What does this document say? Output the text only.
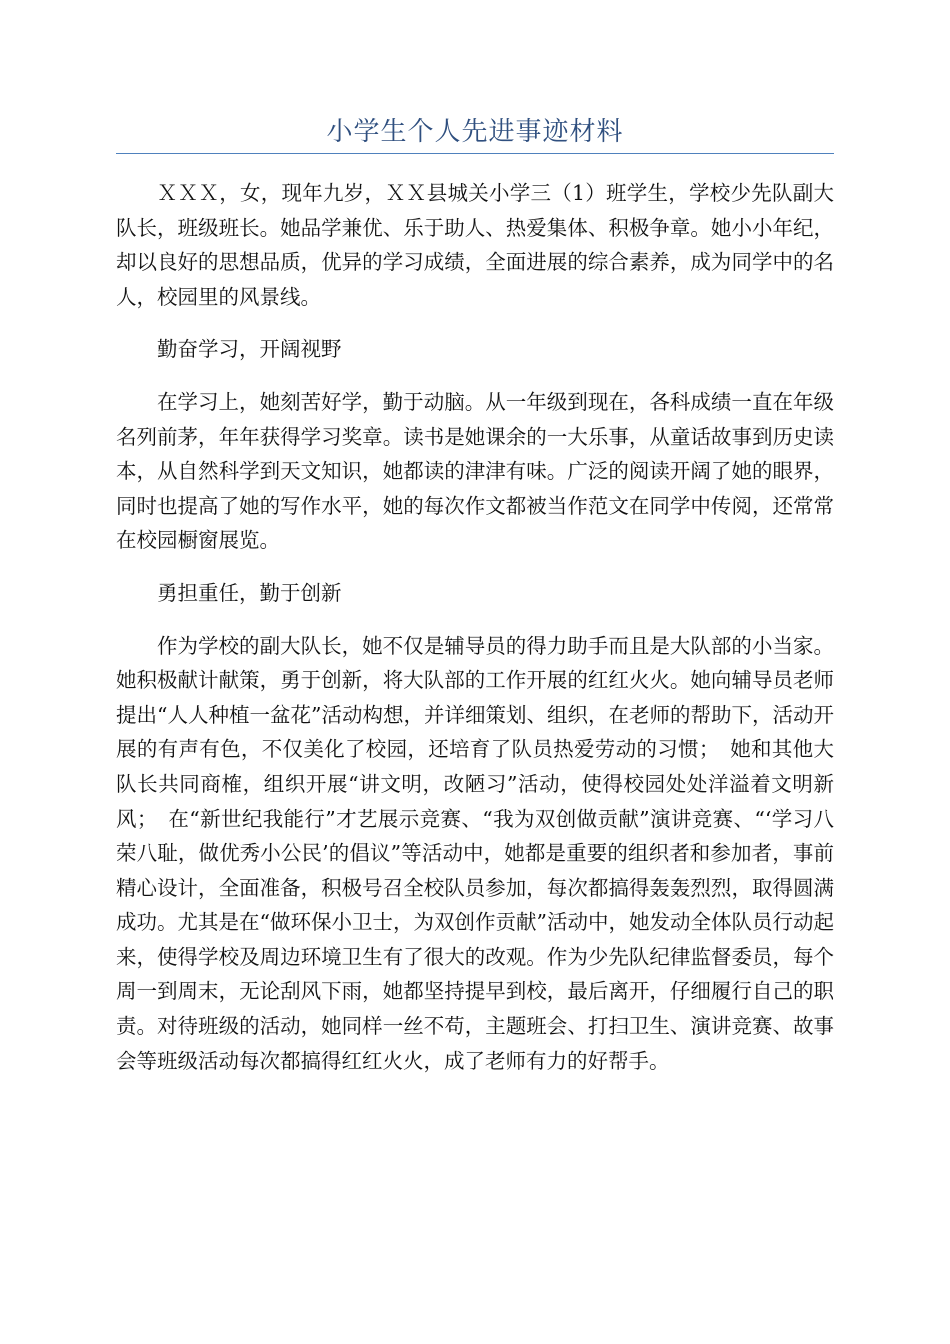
小学生个人先进事迹材料

ＸＸＸ，女，现年九岁，ＸＸ县城关小学三（1）班学生，学校少先队副大队长，班级班长。她品学兼优、乐于助人、热爱集体、积极争章。她小小年纪，却以良好的思想品质，优异的学习成绩，全面进展的综合素养，成为同学中的名人，校园里的风景线。

勤奋学习，开阔视野

在学习上，她刻苦好学，勤于动脑。从一年级到现在，各科成绩一直在年级名列前茅，年年获得学习奖章。读书是她课余的一大乐事，从童话故事到历史读本，从自然科学到天文知识，她都读的津津有味。广泛的阅读开阔了她的眼界，同时也提高了她的写作水平，她的每次作文都被当作范文在同学中传阅，还常常在校园橱窗展览。

勇担重任，勤于创新

作为学校的副大队长，她不仅是辅导员的得力助手而且是大队部的小当家。她积极献计献策，勇于创新，将大队部的工作开展的红红火火。她向辅导员老师提出“人人种植一盆花”活动构想，并详细策划、组织，在老师的帮助下，活动开展的有声有色，不仅美化了校园，还培育了队员热爱劳动的习惯；　她和其他大队长共同商榷，组织开展“讲文明，改陋习”活动，使得校园处处洋溢着文明新风；　在“新世纪我能行”才艺展示竞赛、“我为双创做贡献”演讲竞赛、“‘学习八荣八耻，做优秀小公民’的倡议”等活动中，她都是重要的组织者和参加者，事前精心设计，全面准备，积极号召全校队员参加，每次都搞得轰轰烈烈，取得圆满成功。尤其是在“做环保小卫士，为双创作贡献”活动中，她发动全体队员行动起来，使得学校及周边环境卫生有了很大的改观。作为少先队纪律监督委员，每个周一到周末，无论刮风下雨，她都坚持提早到校，最后离开，仔细履行自己的职责。对待班级的活动，她同样一丝不苟，主题班会、打扫卫生、演讲竞赛、故事会等班级活动每次都搞得红红火火，成了老师有力的好帮手。
